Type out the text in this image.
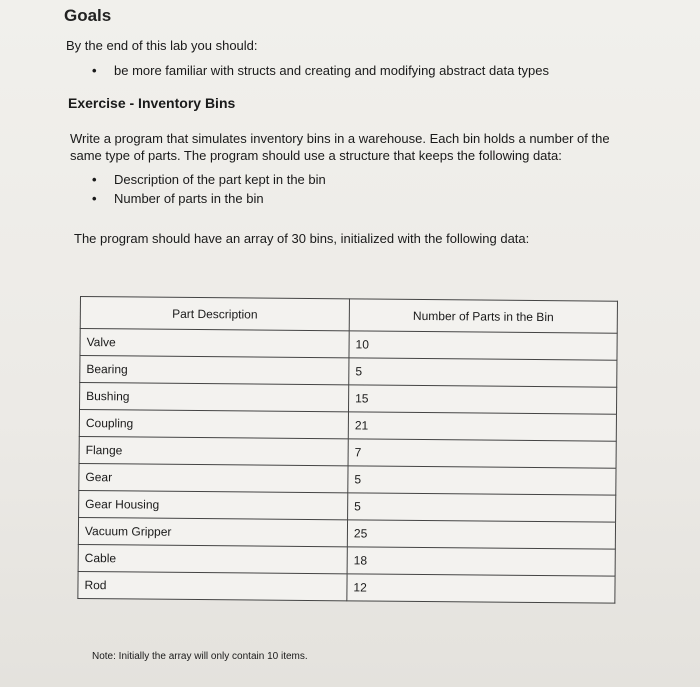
Goals
By the end of this lab you should:
• be more familiar with structs and creating and modifying abstract data types
Exercise - Inventory Bins
Write a program that simulates inventory bins in a warehouse. Each bin holds a number of the
same type of parts. The program should use a structure that keeps the following data:
• Description of the part kept in the bin
• Number of parts in the bin
The program should have an array of 30 bins, initialized with the following data:
Part Description	Number of Parts in the Bin
Valve	10
Bearing	5
Bushing	15
Coupling	21
Flange	7
Gear	5
Gear Housing	5
Vacuum Gripper	25
Cable	18
Rod	12
Note: Initially the array will only contain 10 items.
